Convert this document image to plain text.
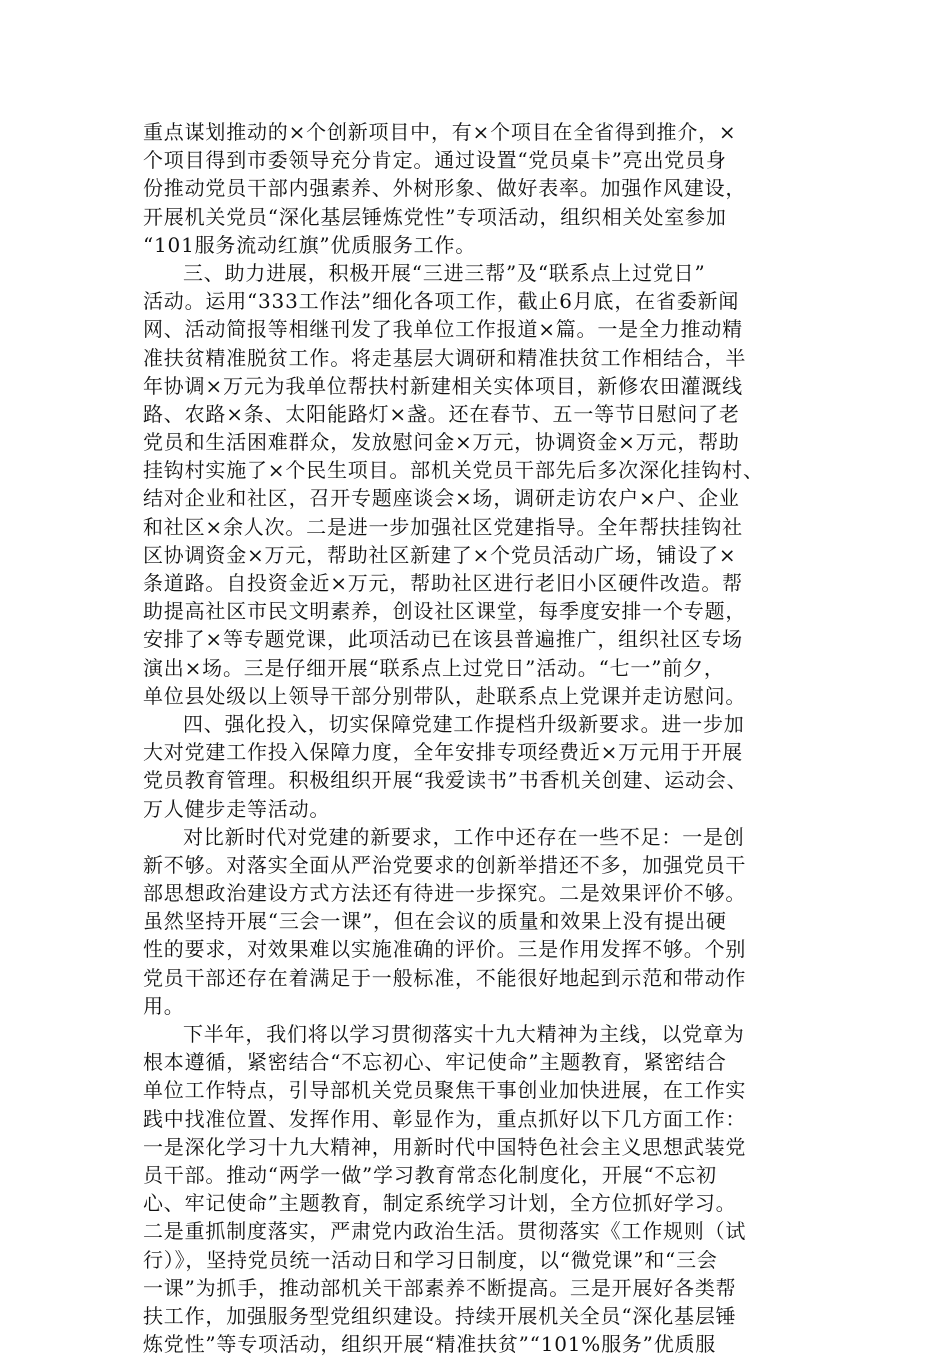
重点谋划推动的×个创新项目中，有×个项目在全省得到推介，×
个项目得到市委领导充分肯定。通过设置“党员桌卡”亮出党员身
份推动党员干部内强素养、外树形象、做好表率。加强作风建设，
开展机关党员“深化基层锤炼党性”专项活动，组织相关处室参加
“101服务流动红旗”优质服务工作。
三、助力进展，积极开展“三进三帮”及“联系点上过党日”
活动。运用“333工作法”细化各项工作，截止6月底，在省委新闻
网、活动简报等相继刊发了我单位工作报道×篇。一是全力推动精
准扶贫精准脱贫工作。将走基层大调研和精准扶贫工作相结合，半
年协调×万元为我单位帮扶村新建相关实体项目，新修农田灌溉线
路、农路×条、太阳能路灯×盏。还在春节、五一等节日慰问了老
党员和生活困难群众，发放慰问金×万元，协调资金×万元，帮助
挂钩村实施了×个民生项目。部机关党员干部先后多次深化挂钩村、
结对企业和社区，召开专题座谈会×场，调研走访农户×户、企业
和社区×余人次。二是进一步加强社区党建指导。全年帮扶挂钩社
区协调资金×万元，帮助社区新建了×个党员活动广场，铺设了×
条道路。自投资金近×万元，帮助社区进行老旧小区硬件改造。帮
助提高社区市民文明素养，创设社区课堂，每季度安排一个专题，
安排了×等专题党课，此项活动已在该县普遍推广，组织社区专场
演出×场。三是仔细开展“联系点上过党日”活动。“七一”前夕，
单位县处级以上领导干部分别带队，赴联系点上党课并走访慰问。
四、强化投入，切实保障党建工作提档升级新要求。进一步加
大对党建工作投入保障力度，全年安排专项经费近×万元用于开展
党员教育管理。积极组织开展“我爱读书”书香机关创建、运动会、
万人健步走等活动。
对比新时代对党建的新要求，工作中还存在一些不足：一是创
新不够。对落实全面从严治党要求的创新举措还不多，加强党员干
部思想政治建设方式方法还有待进一步探究。二是效果评价不够。
虽然坚持开展“三会一课”，但在会议的质量和效果上没有提出硬
性的要求，对效果难以实施准确的评价。三是作用发挥不够。个别
党员干部还存在着满足于一般标准，不能很好地起到示范和带动作
用。
下半年，我们将以学习贯彻落实十九大精神为主线，以党章为
根本遵循，紧密结合“不忘初心、牢记使命”主题教育，紧密结合
单位工作特点，引导部机关党员聚焦干事创业加快进展，在工作实
践中找准位置、发挥作用、彰显作为，重点抓好以下几方面工作：
一是深化学习十九大精神，用新时代中国特色社会主义思想武装党
员干部。推动“两学一做”学习教育常态化制度化，开展“不忘初
心、牢记使命”主题教育，制定系统学习计划，全方位抓好学习。
二是重抓制度落实，严肃党内政治生活。贯彻落实《工作规则（试
行）》，坚持党员统一活动日和学习日制度，以“微党课”和“三会
一课”为抓手，推动部机关干部素养不断提高。三是开展好各类帮
扶工作，加强服务型党组织建设。持续开展机关全员“深化基层锤
炼党性”等专项活动，组织开展“精准扶贫”“101%服务”优质服
